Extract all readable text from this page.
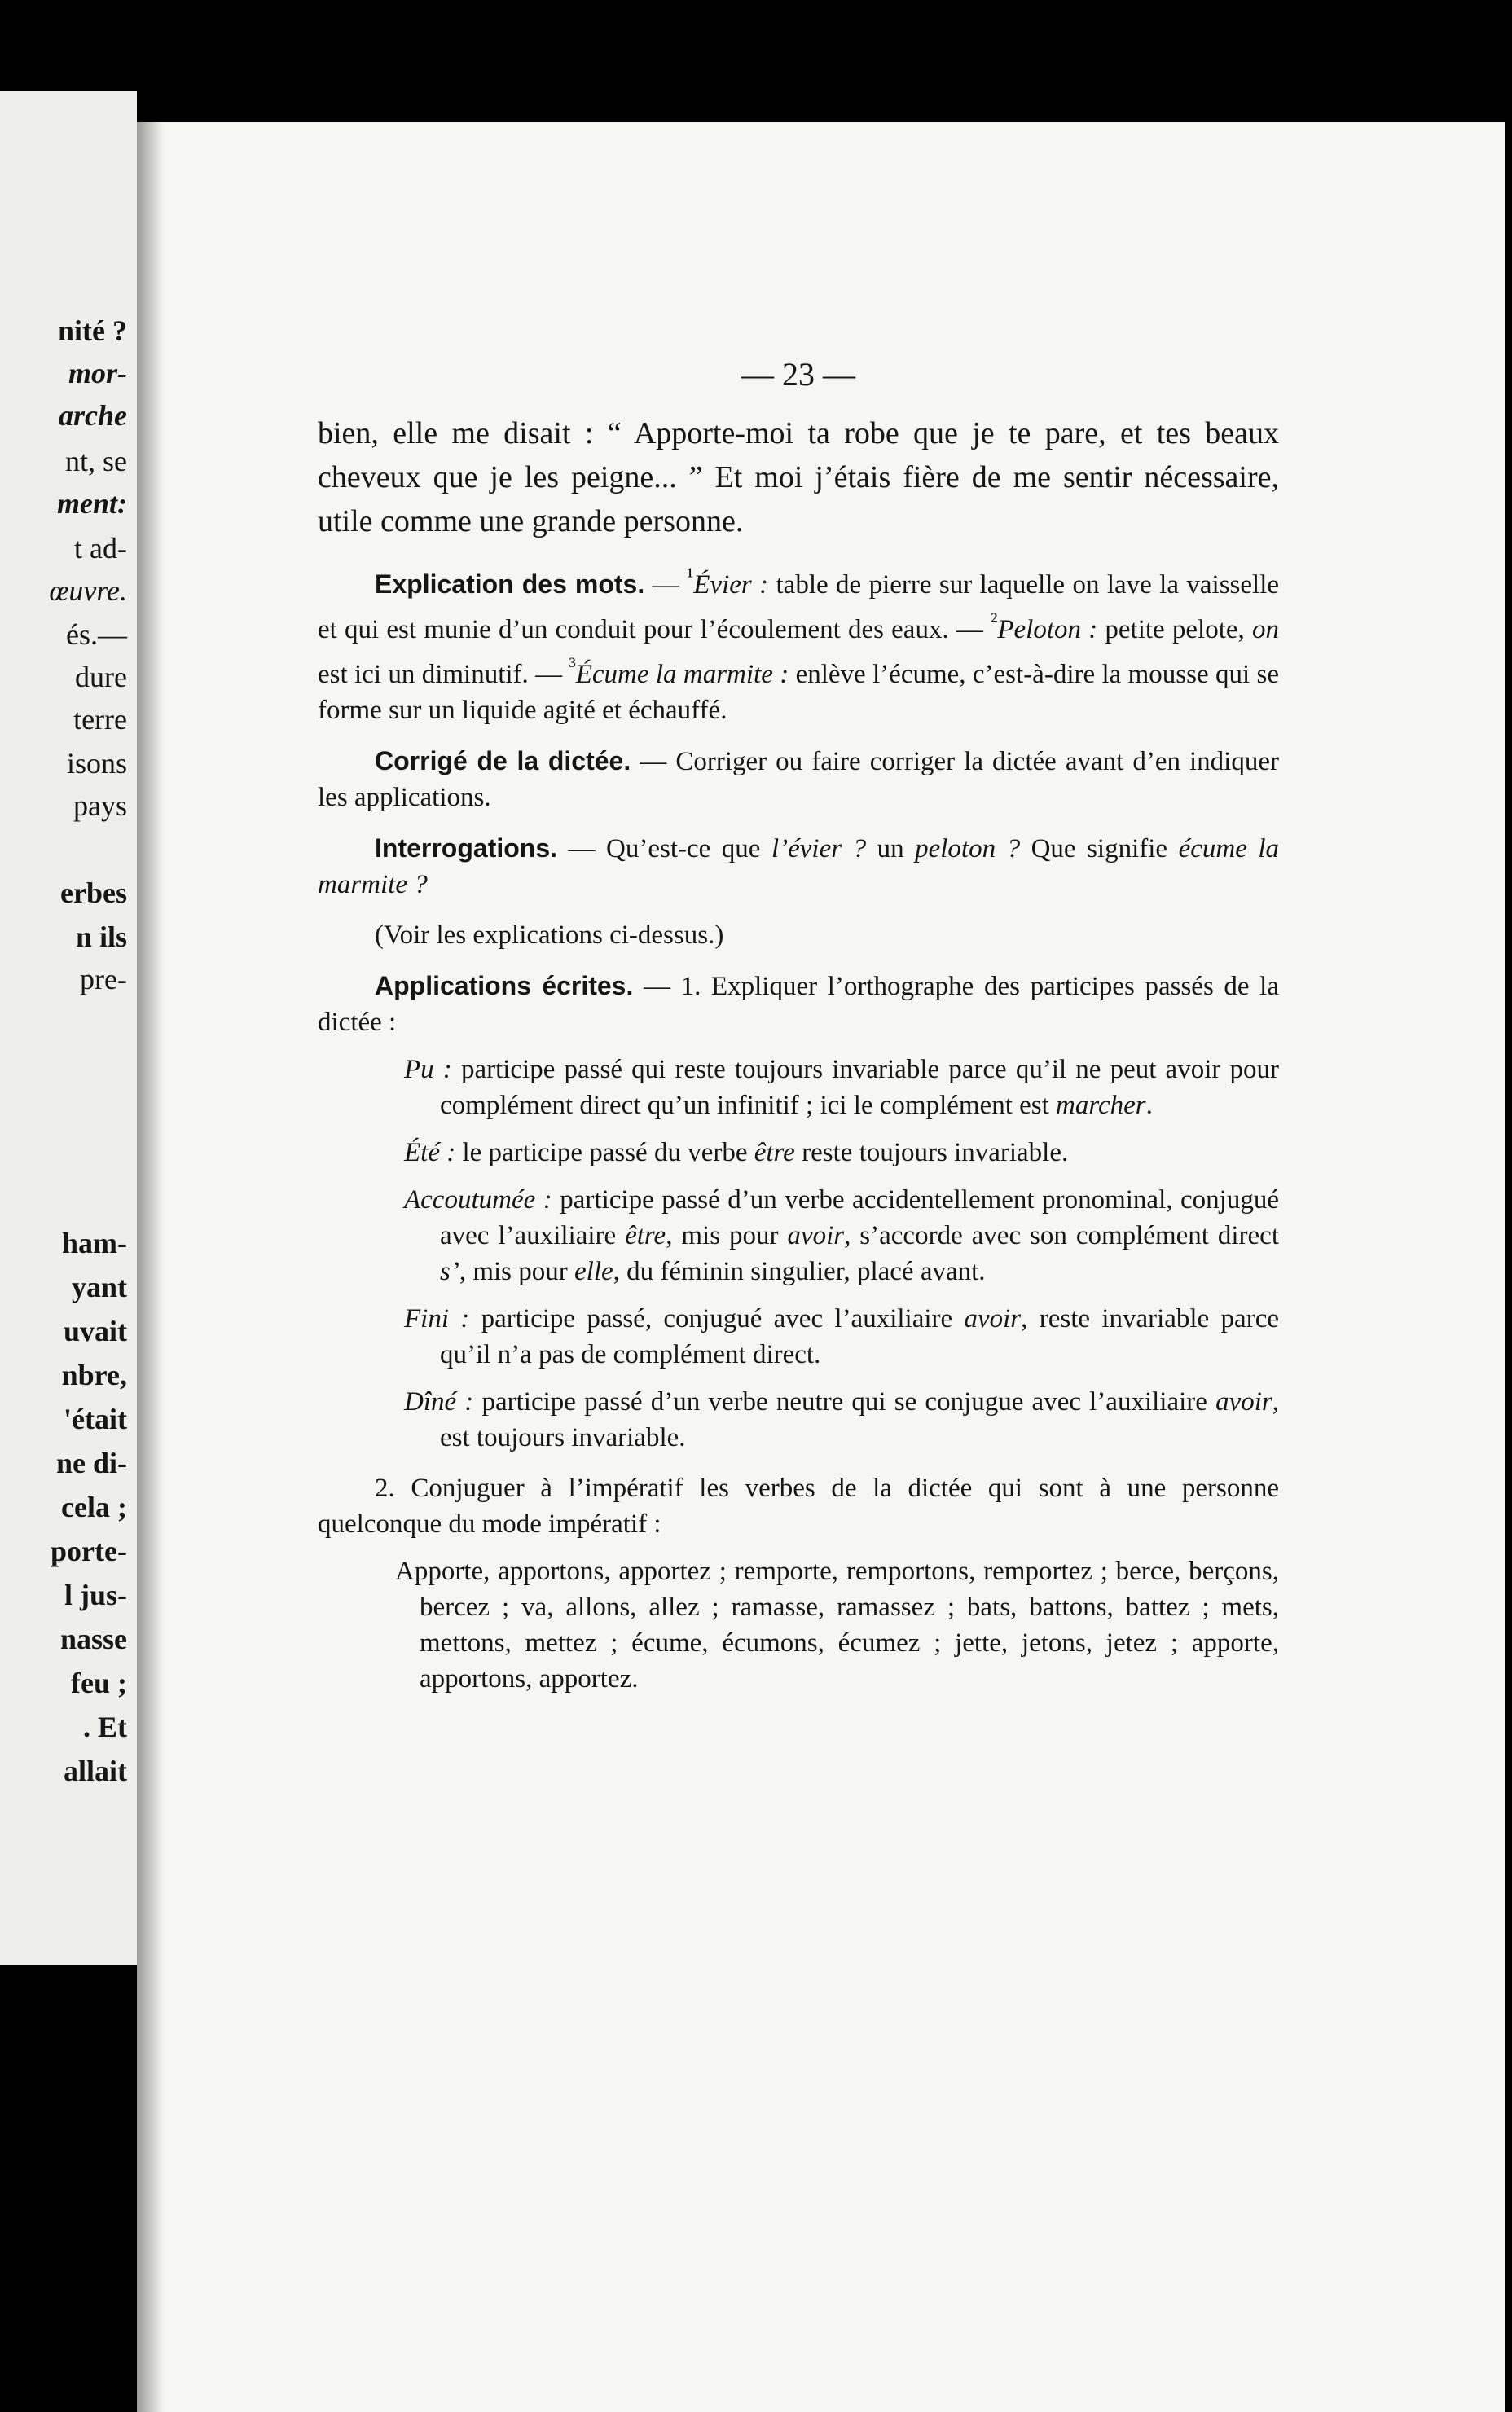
nité ?
mor-
arche
nt, se
ment:
t ad-
œuvre.
és.—
dure
terre
isons
pays
erbes
n ils
pre-
ham-
yant
uvait
nbre,
'était
ne di-
cela ;
porte-
l jus-
nasse
feu ;
. Et
allait
— 23 —

bien, elle me disait : “ Apporte-moi ta robe que je te pare, et tes beaux cheveux que je les peigne... ” Et moi j’étais fière de me sentir nécessaire, utile comme une grande personne.

Explication des mots. — $^{^1}$Évier : table de pierre sur laquelle on lave la vaisselle et qui est munie d’un conduit pour l’écoulement des eaux. — $^{^2}$Peloton : petite pelote, on est ici un diminutif. — $^{^3}$Écume la marmite : enlève l’écume, c’est-à-dire la mousse qui se forme sur un liquide agité et échauffé.

Corrigé de la dictée. — Corriger ou faire corriger la dictée avant d’en indiquer les applications.

Interrogations. — Qu’est-ce que l’évier ? un peloton ? Que signifie écume la marmite ?

(Voir les explications ci-dessus.)

Applications écrites. — 1. Expliquer l’orthographe des participes passés de la dictée :

Pu : participe passé qui reste toujours invariable parce qu’il ne peut avoir pour complément direct qu’un infinitif ; ici le complément est marcher.

Été : le participe passé du verbe être reste toujours invariable.

Accoutumée : participe passé d’un verbe accidentellement pronominal, conjugué avec l’auxiliaire être, mis pour avoir, s’accorde avec son complément direct s’, mis pour elle, du féminin singulier, placé avant.

Fini : participe passé, conjugué avec l’auxiliaire avoir, reste invariable parce qu’il n’a pas de complément direct.

Dîné : participe passé d’un verbe neutre qui se conjugue avec l’auxiliaire avoir, est toujours invariable.

2. Conjuguer à l’impératif les verbes de la dictée qui sont à une personne quelconque du mode impératif :

Apporte, apportons, apportez ; remporte, remportons, remportez ; berce, berçons, bercez ; va, allons, allez ; ramasse, ramassez ; bats, battons, battez ; mets, mettons, mettez ; écume, écumons, écumez ; jette, jetons, jetez ; apporte, apportons, apportez.
